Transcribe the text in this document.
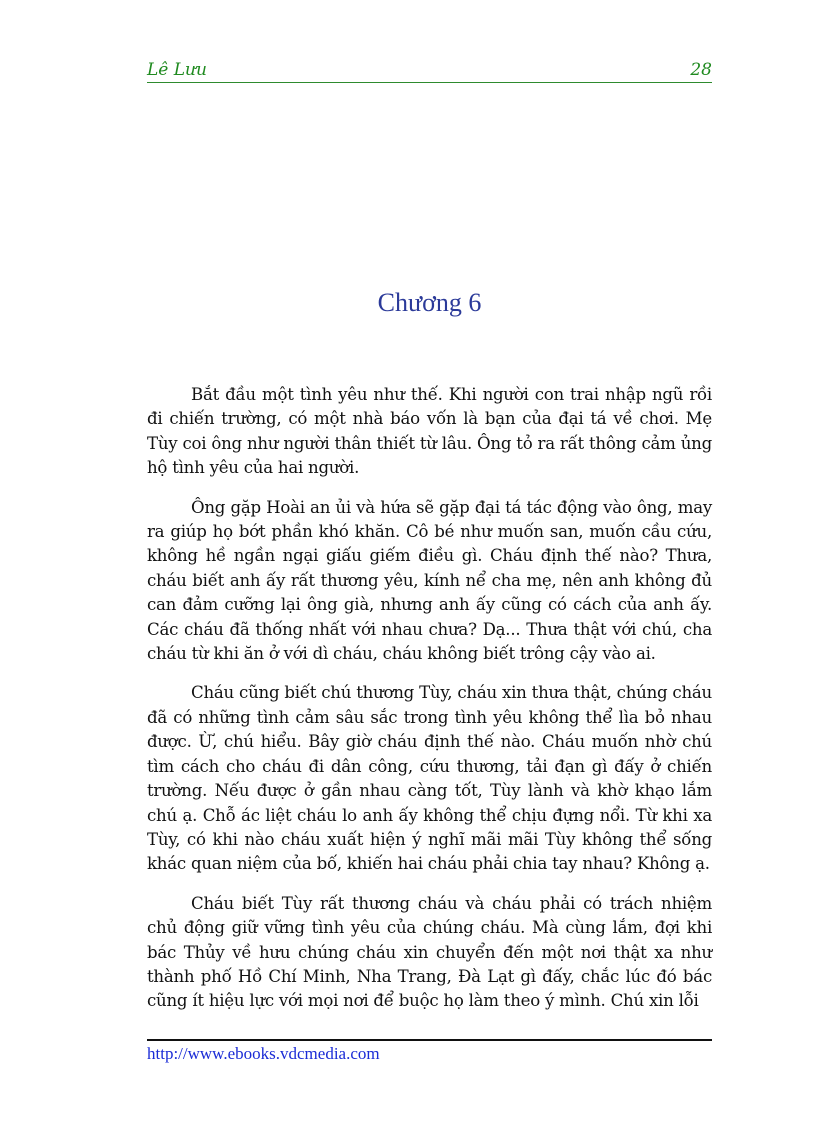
Lê Lưu	28
Chương 6

Bắt đầu một tình yêu như thế. Khi người con trai nhập ngũ rồi đi chiến trường, có một nhà báo vốn là bạn của đại tá về chơi. Mẹ Tùy coi ông như người thân thiết từ lâu. Ông tỏ ra rất thông cảm ủng hộ tình yêu của hai người.

Ông gặp Hoài an ủi và hứa sẽ gặp đại tá tác động vào ông, may ra giúp họ bớt phần khó khăn. Cô bé như muốn san, muốn cầu cứu, không hề ngần ngại giấu giếm điều gì. Cháu định thế nào? Thưa, cháu biết anh ấy rất thương yêu, kính nể cha mẹ, nên anh không đủ can đảm cưỡng lại ông già, nhưng anh ấy cũng có cách của anh ấy. Các cháu đã thống nhất với nhau chưa? Dạ... Thưa thật với chú, cha cháu từ khi ăn ở với dì cháu, cháu không biết trông cậy vào ai.

Cháu cũng biết chú thương Tùy, cháu xin thưa thật, chúng cháu đã có những tình cảm sâu sắc trong tình yêu không thể lìa bỏ nhau được. Ừ, chú hiểu. Bây giờ cháu định thế nào. Cháu muốn nhờ chú tìm cách cho cháu đi dân công, cứu thương, tải đạn gì đấy ở chiến trường. Nếu được ở gần nhau càng tốt, Tùy lành và khờ khạo lắm chú ạ. Chỗ ác liệt cháu lo anh ấy không thể chịu đựng nổi. Từ khi xa Tùy, có khi nào cháu xuất hiện ý nghĩ mãi mãi Tùy không thể sống khác quan niệm của bố, khiến hai cháu phải chia tay nhau? Không ạ.

Cháu biết Tùy rất thương cháu và cháu phải có trách nhiệm chủ động giữ vững tình yêu của chúng cháu. Mà cùng lắm, đợi khi bác Thủy về hưu chúng cháu xin chuyển đến một nơi thật xa như thành phố Hồ Chí Minh, Nha Trang, Đà Lạt gì đấy, chắc lúc đó bác cũng ít hiệu lực với mọi nơi để buộc họ làm theo ý mình. Chú xin lỗi

http://www.ebooks.vdcmedia.com
